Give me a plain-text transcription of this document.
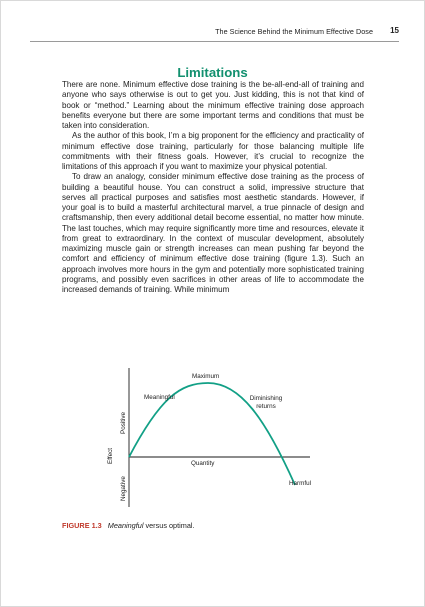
The Science Behind the Minimum Effective Dose 15
Limitations

There are none. Minimum effective dose training is the be-all-end-all of training and anyone who says otherwise is out to get you. Just kidding, this is not that kind of book or “method.” Learning about the minimum effective training dose approach benefits everyone but there are some important terms and conditions that must be taken into consideration.

As the author of this book, I’m a big proponent for the efficiency and practicality of minimum effective dose training, particularly for those balancing multiple life commitments with their fitness goals. However, it’s crucial to recognize the limitations of this approach if you want to maximize your physical potential.

To draw an analogy, consider minimum effective dose training as the process of building a beautiful house. You can construct a solid, impressive structure that serves all practical purposes and satisfies most aesthetic standards. However, if your goal is to build a masterful architectural marvel, a true pinnacle of design and craftsmanship, then every additional detail become essential, no matter how minute. The last touches, which may require significantly more time and resources, elevate it from great to extraordinary. In the context of muscular development, absolutely maximizing muscle gain or strength increases can mean pushing far beyond the comfort and efficiency of minimum effective dose training (figure 1.3). Such an approach involves more hours in the gym and potentially more sophisticated training programs, and possibly even sacrifices in other areas of life to accommodate the increased demands of training. While minimum

Maximum
Meaningful	Diminishing
returns
Quantity
Harmful
Positive
Negative
Effect
FIGURE 1.3 Meaningful versus optimal.
